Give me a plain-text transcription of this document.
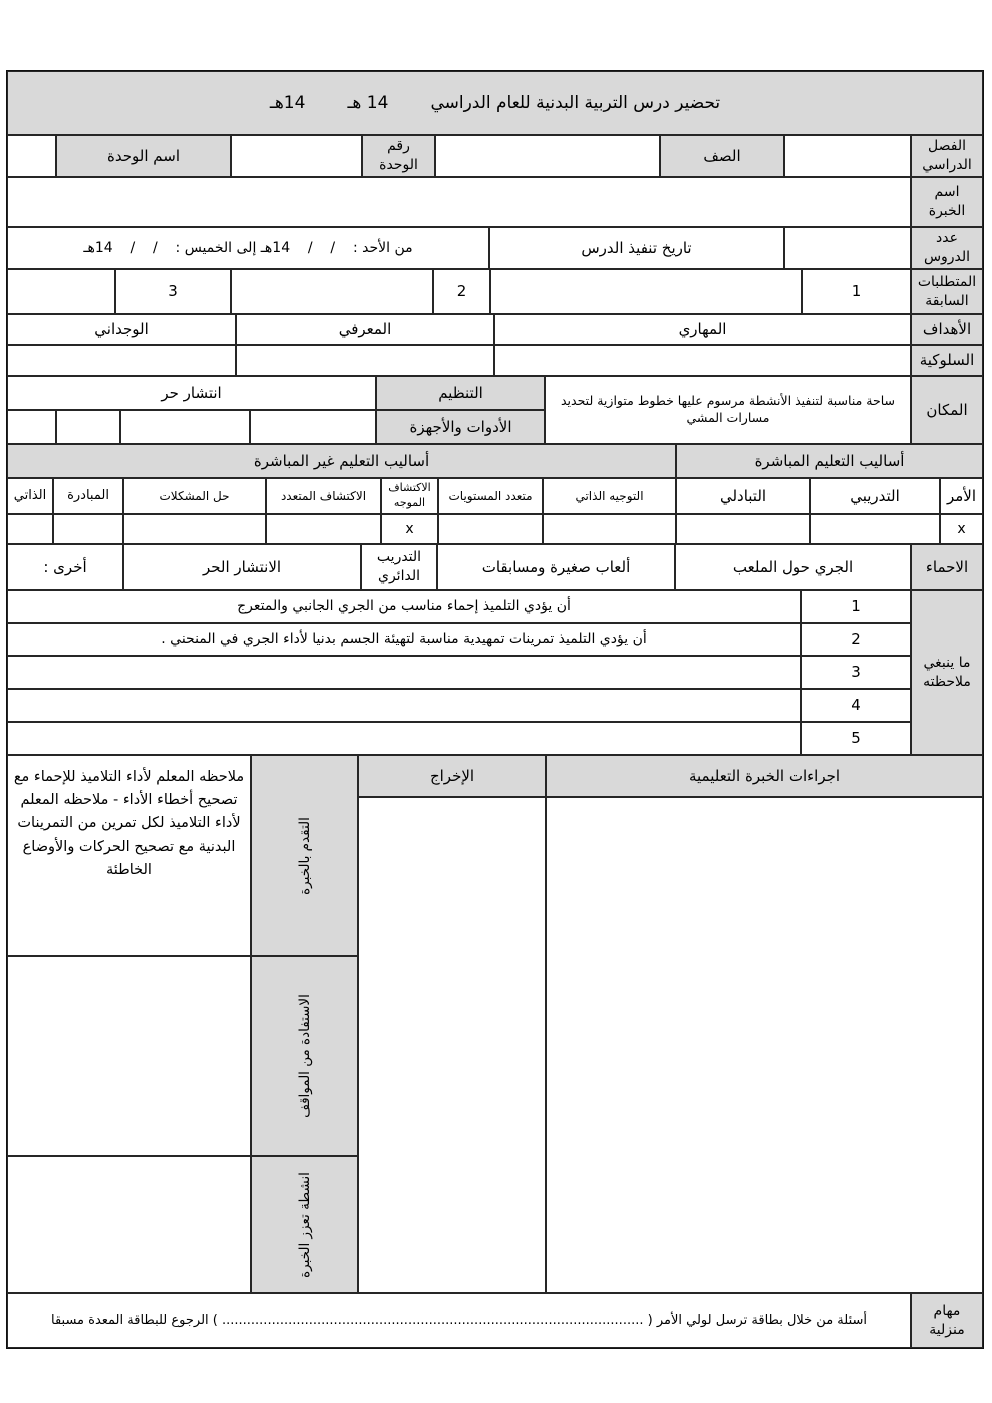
تحضير درس التربية البدنية للعام الدراسي
14 هـ
14هـ
الفصل الدراسي
الصف
رقم الوحدة
اسم الوحدة
اسم الخبرة
عدد الدروس
تاريخ تنفيذ الدرس
من الأحد :    /    /    14هـ إلى الخميس :    /    /    14هـ
المتطلبات السابقة
1
2
3
الأهداف
المهاري
المعرفي
الوجداني
السلوكية
المكان
ساحة مناسبة لتنفيذ الأنشطة مرسوم عليها خطوط متوازية لتحديد مسارات المشي
التنظيم
انتشار حر
الأدوات والأجهزة
أساليب التعليم المباشرة
أساليب التعليم غير المباشرة
الأمر
التدريبي
التبادلي
التوجيه الذاتي
متعدد المستويات
الاكتشاف الموجه
الاكتشاف المتعدد
حل المشكلات
المبادرة
الذاتي
x
x
الاحماء
الجري حول الملعب
ألعاب صغيرة ومسابقات
التدريب الدائري
الانتشار الحر
أخرى :
ما ينبغي ملاحظته
1
أن يؤدي التلميذ إحماء مناسب من الجري الجانبي والمتعرج
2
أن يؤدي التلميذ تمرينات تمهيدية مناسبة لتهيئة الجسم بدنيا لأداء الجري في المنحني .
3
4
5
اجراءات الخبرة التعليمية
الإخراج
التقدم بالخبرة
الاستفادة من المواقف
انشطة تعزز الخبرة
ملاحظه المعلم لأداء التلاميذ للإحماء مع تصحيح أخطاء الأداء - ملاحظه المعلم لأداء التلاميذ لكل تمرين من التمرينات البدنية مع تصحيح الحركات والأوضاع الخاطئة
مهام منزلية
أسئلة من خلال بطاقة ترسل لولي الأمر ( ...................................................................................................... ) الرجوع للبطاقة المعدة مسبقا
